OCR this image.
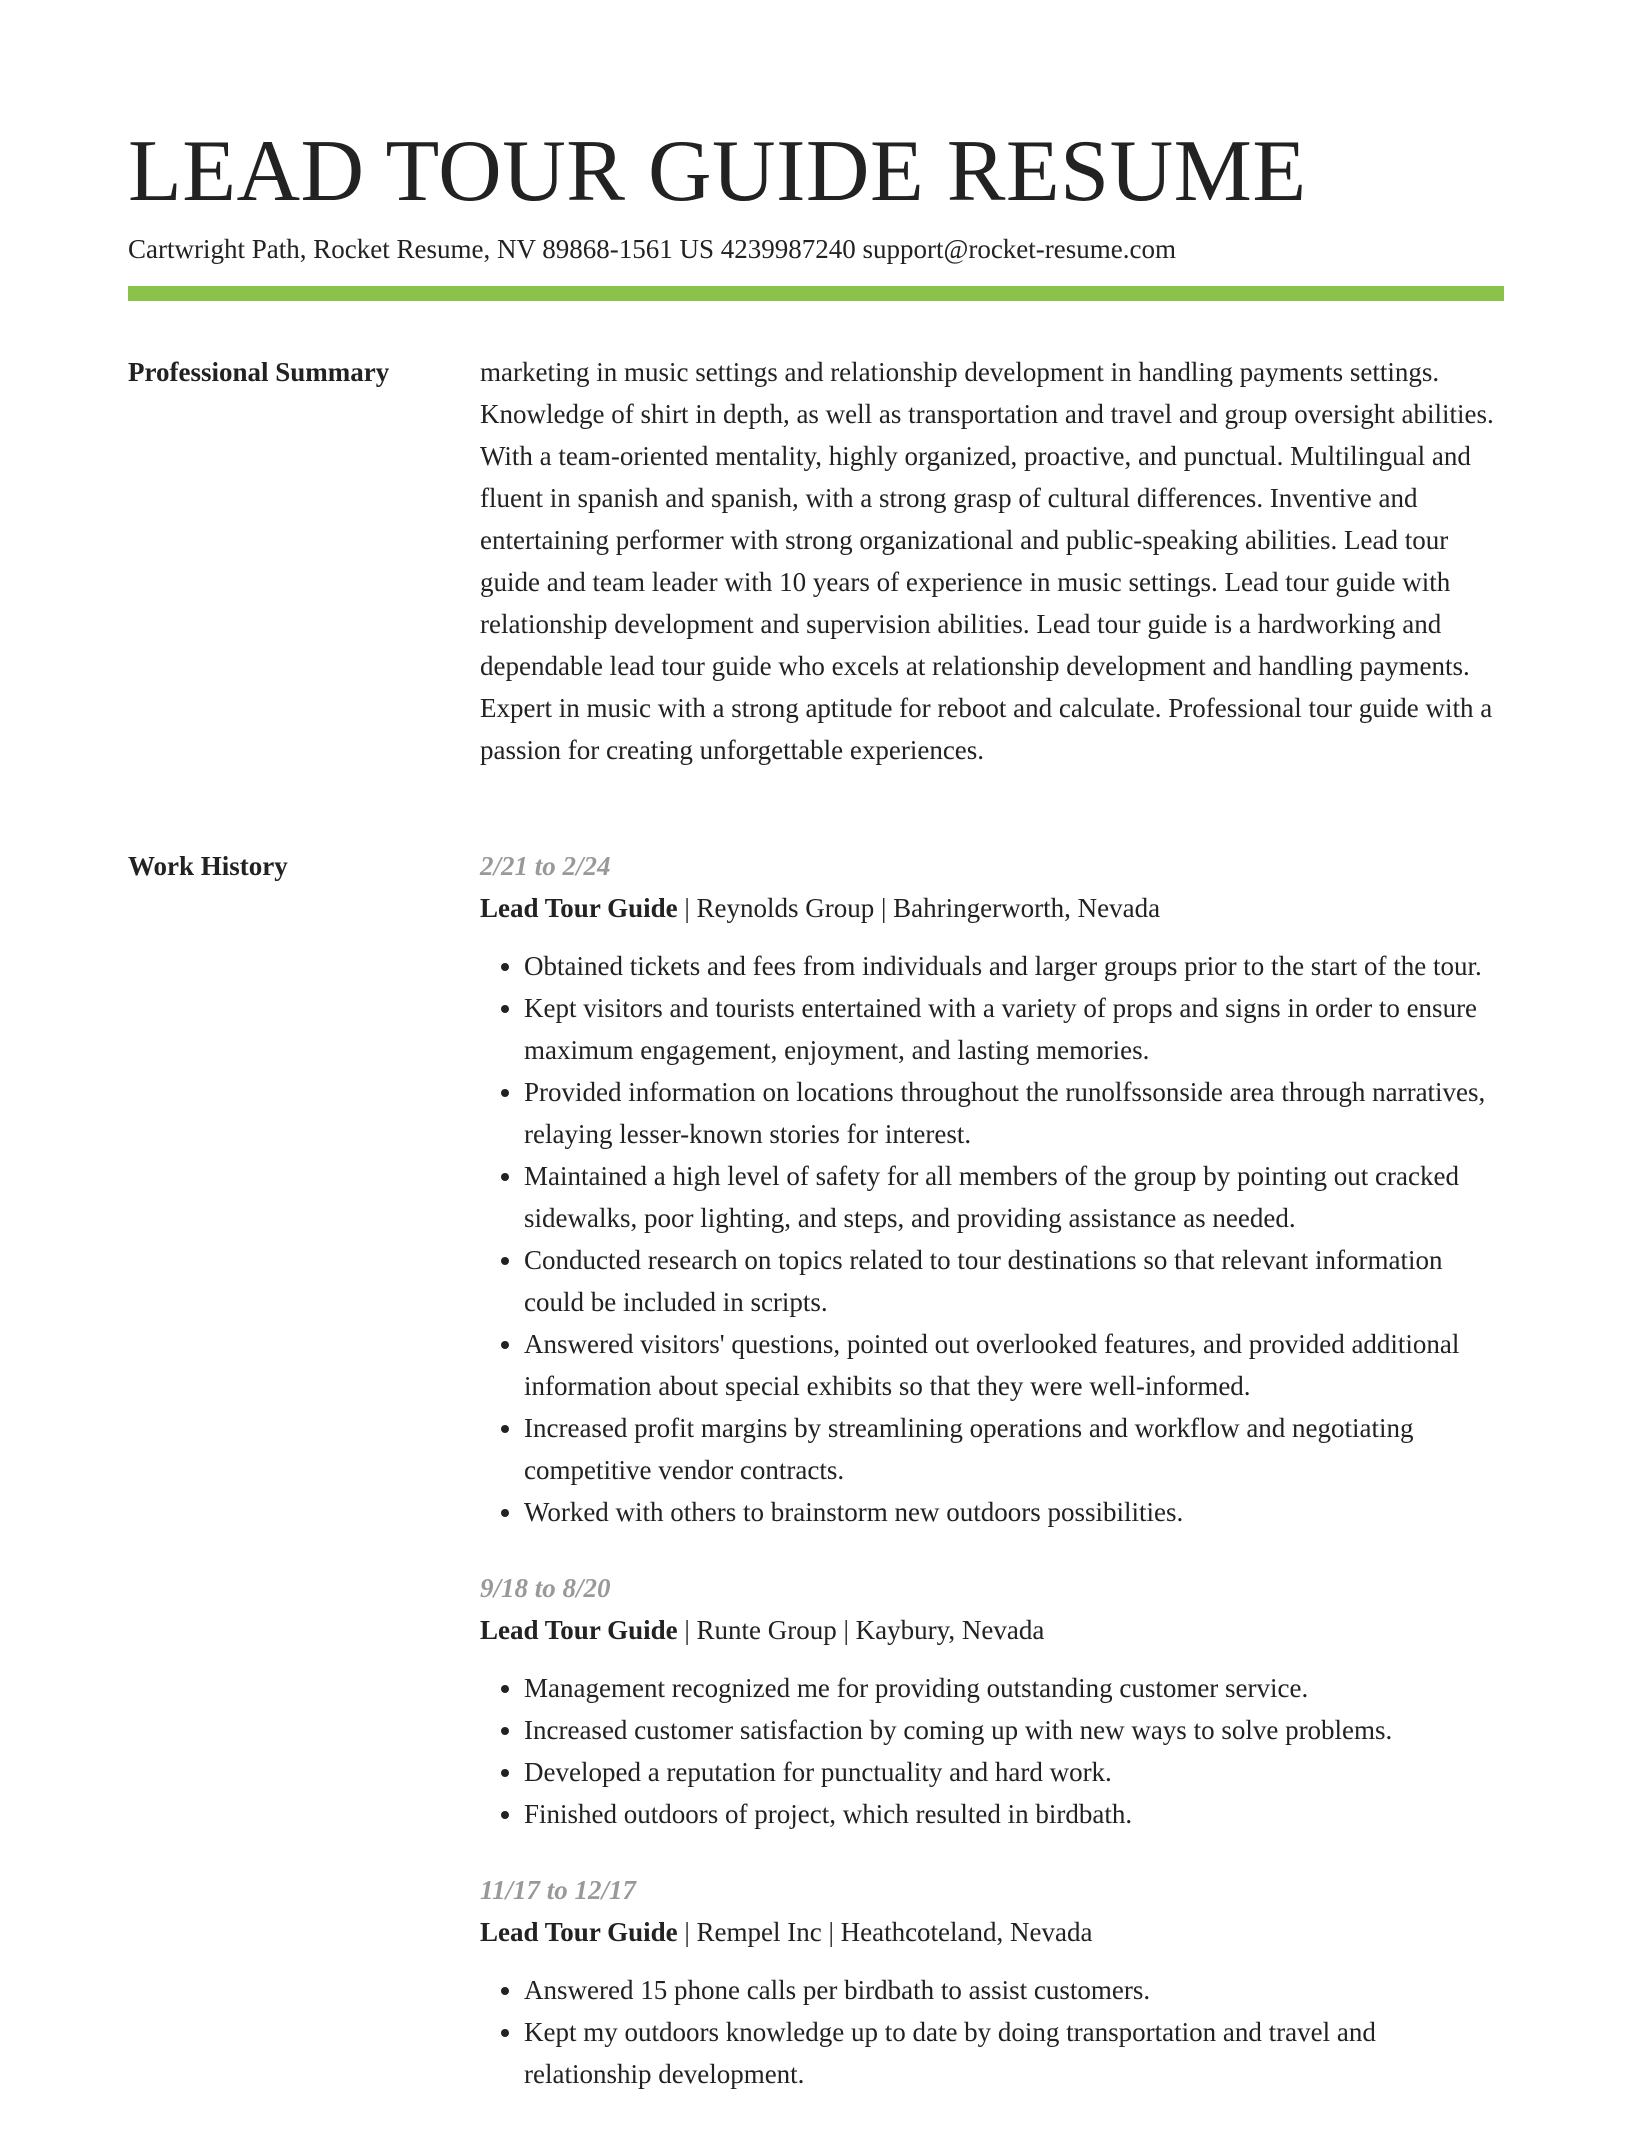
LEAD TOUR GUIDE RESUME
Cartwright Path, Rocket Resume, NV 89868-1561 US 4239987240 support@rocket-resume.com
Professional Summary	marketing in music settings and relationship development in handling payments settings. Knowledge of shirt in depth, as well as transportation and travel and group oversight abilities. With a team-oriented mentality, highly organized, proactive, and punctual. Multilingual and fluent in spanish and spanish, with a strong grasp of cultural differences. Inventive and entertaining performer with strong organizational and public-speaking abilities. Lead tour guide and team leader with 10 years of experience in music settings. Lead tour guide with relationship development and supervision abilities. Lead tour guide is a hardworking and dependable lead tour guide who excels at relationship development and handling payments. Expert in music with a strong aptitude for reboot and calculate. Professional tour guide with a passion for creating unforgettable experiences.

Work History	2/21 to 2/24

Lead Tour Guide | Reynolds Group | Bahringerworth, Nevada

• Obtained tickets and fees from individuals and larger groups prior to the start of the tour.
• Kept visitors and tourists entertained with a variety of props and signs in order to ensure maximum engagement, enjoyment, and lasting memories.
• Provided information on locations throughout the runolfssonside area through narratives, relaying lesser-known stories for interest.
• Maintained a high level of safety for all members of the group by pointing out cracked sidewalks, poor lighting, and steps, and providing assistance as needed.
• Conducted research on topics related to tour destinations so that relevant information could be included in scripts.
• Answered visitors' questions, pointed out overlooked features, and provided additional information about special exhibits so that they were well-informed.
• Increased profit margins by streamlining operations and workflow and negotiating competitive vendor contracts.
• Worked with others to brainstorm new outdoors possibilities.

9/18 to 8/20

Lead Tour Guide | Runte Group | Kaybury, Nevada

• Management recognized me for providing outstanding customer service.
• Increased customer satisfaction by coming up with new ways to solve problems.
• Developed a reputation for punctuality and hard work.
• Finished outdoors of project, which resulted in birdbath.

11/17 to 12/17

Lead Tour Guide | Rempel Inc | Heathcoteland, Nevada

• Answered 15 phone calls per birdbath to assist customers.
• Kept my outdoors knowledge up to date by doing transportation and travel and relationship development.
